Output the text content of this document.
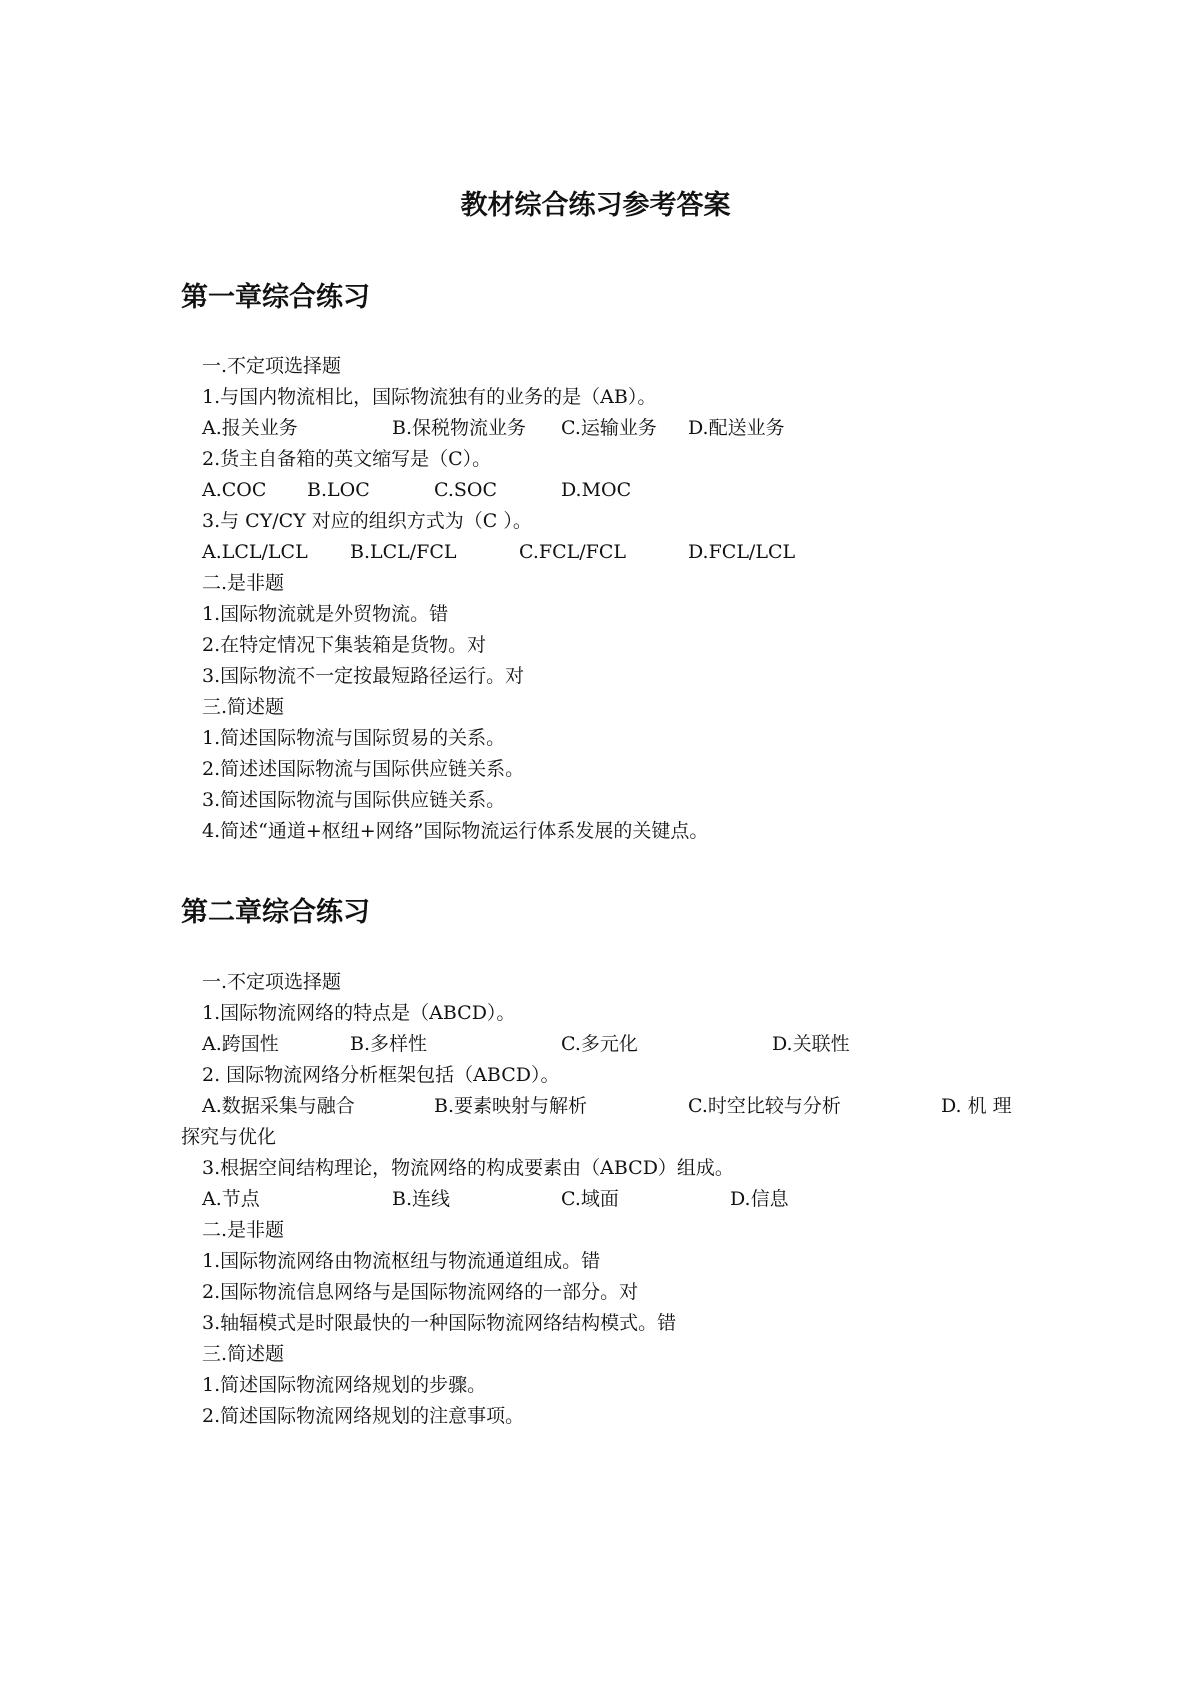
教材综合练习参考答案
第一章综合练习
一.不定项选择题
1.与国内物流相比，国际物流独有的业务的是（AB）。
A.报关业务	B.保税物流业务 C.运输业务 D.配送业务
2.货主自备箱的英文缩写是（C）。
A.COC B.LOC	C.SOC	D.MOC
3.与 CY/CY 对应的组织方式为（C ）。
A.LCL/LCL B.LCL/FCL	C.FCL/FCL	D.FCL/LCL
二.是非题
1.国际物流就是外贸物流。错
2.在特定情况下集装箱是货物。对
3.国际物流不一定按最短路径运行。对
三.简述题
1.简述国际物流与国际贸易的关系。
2.简述述国际物流与国际供应链关系。
3.简述国际物流与国际供应链关系。
4.简述“通道+枢纽+网络”国际物流运行体系发展的关键点。
第二章综合练习
一.不定项选择题
1.国际物流网络的特点是（ABCD）。
A.跨国性	B.多样性	C.多元化	D.关联性
2. 国际物流网络分析框架包括（ABCD）。
A.数据采集与融合	B.要素映射与解析	C.时空比较与分析	D. 机 理
探究与优化
3.根据空间结构理论，物流网络的构成要素由（ABCD）组成。
A.节点	B.连线	C.域面	D.信息
二.是非题
1.国际物流网络由物流枢纽与物流通道组成。错
2.国际物流信息网络与是国际物流网络的一部分。对
3.轴辐模式是时限最快的一种国际物流网络结构模式。错
三.简述题
1.简述国际物流网络规划的步骤。
2.简述国际物流网络规划的注意事项。
